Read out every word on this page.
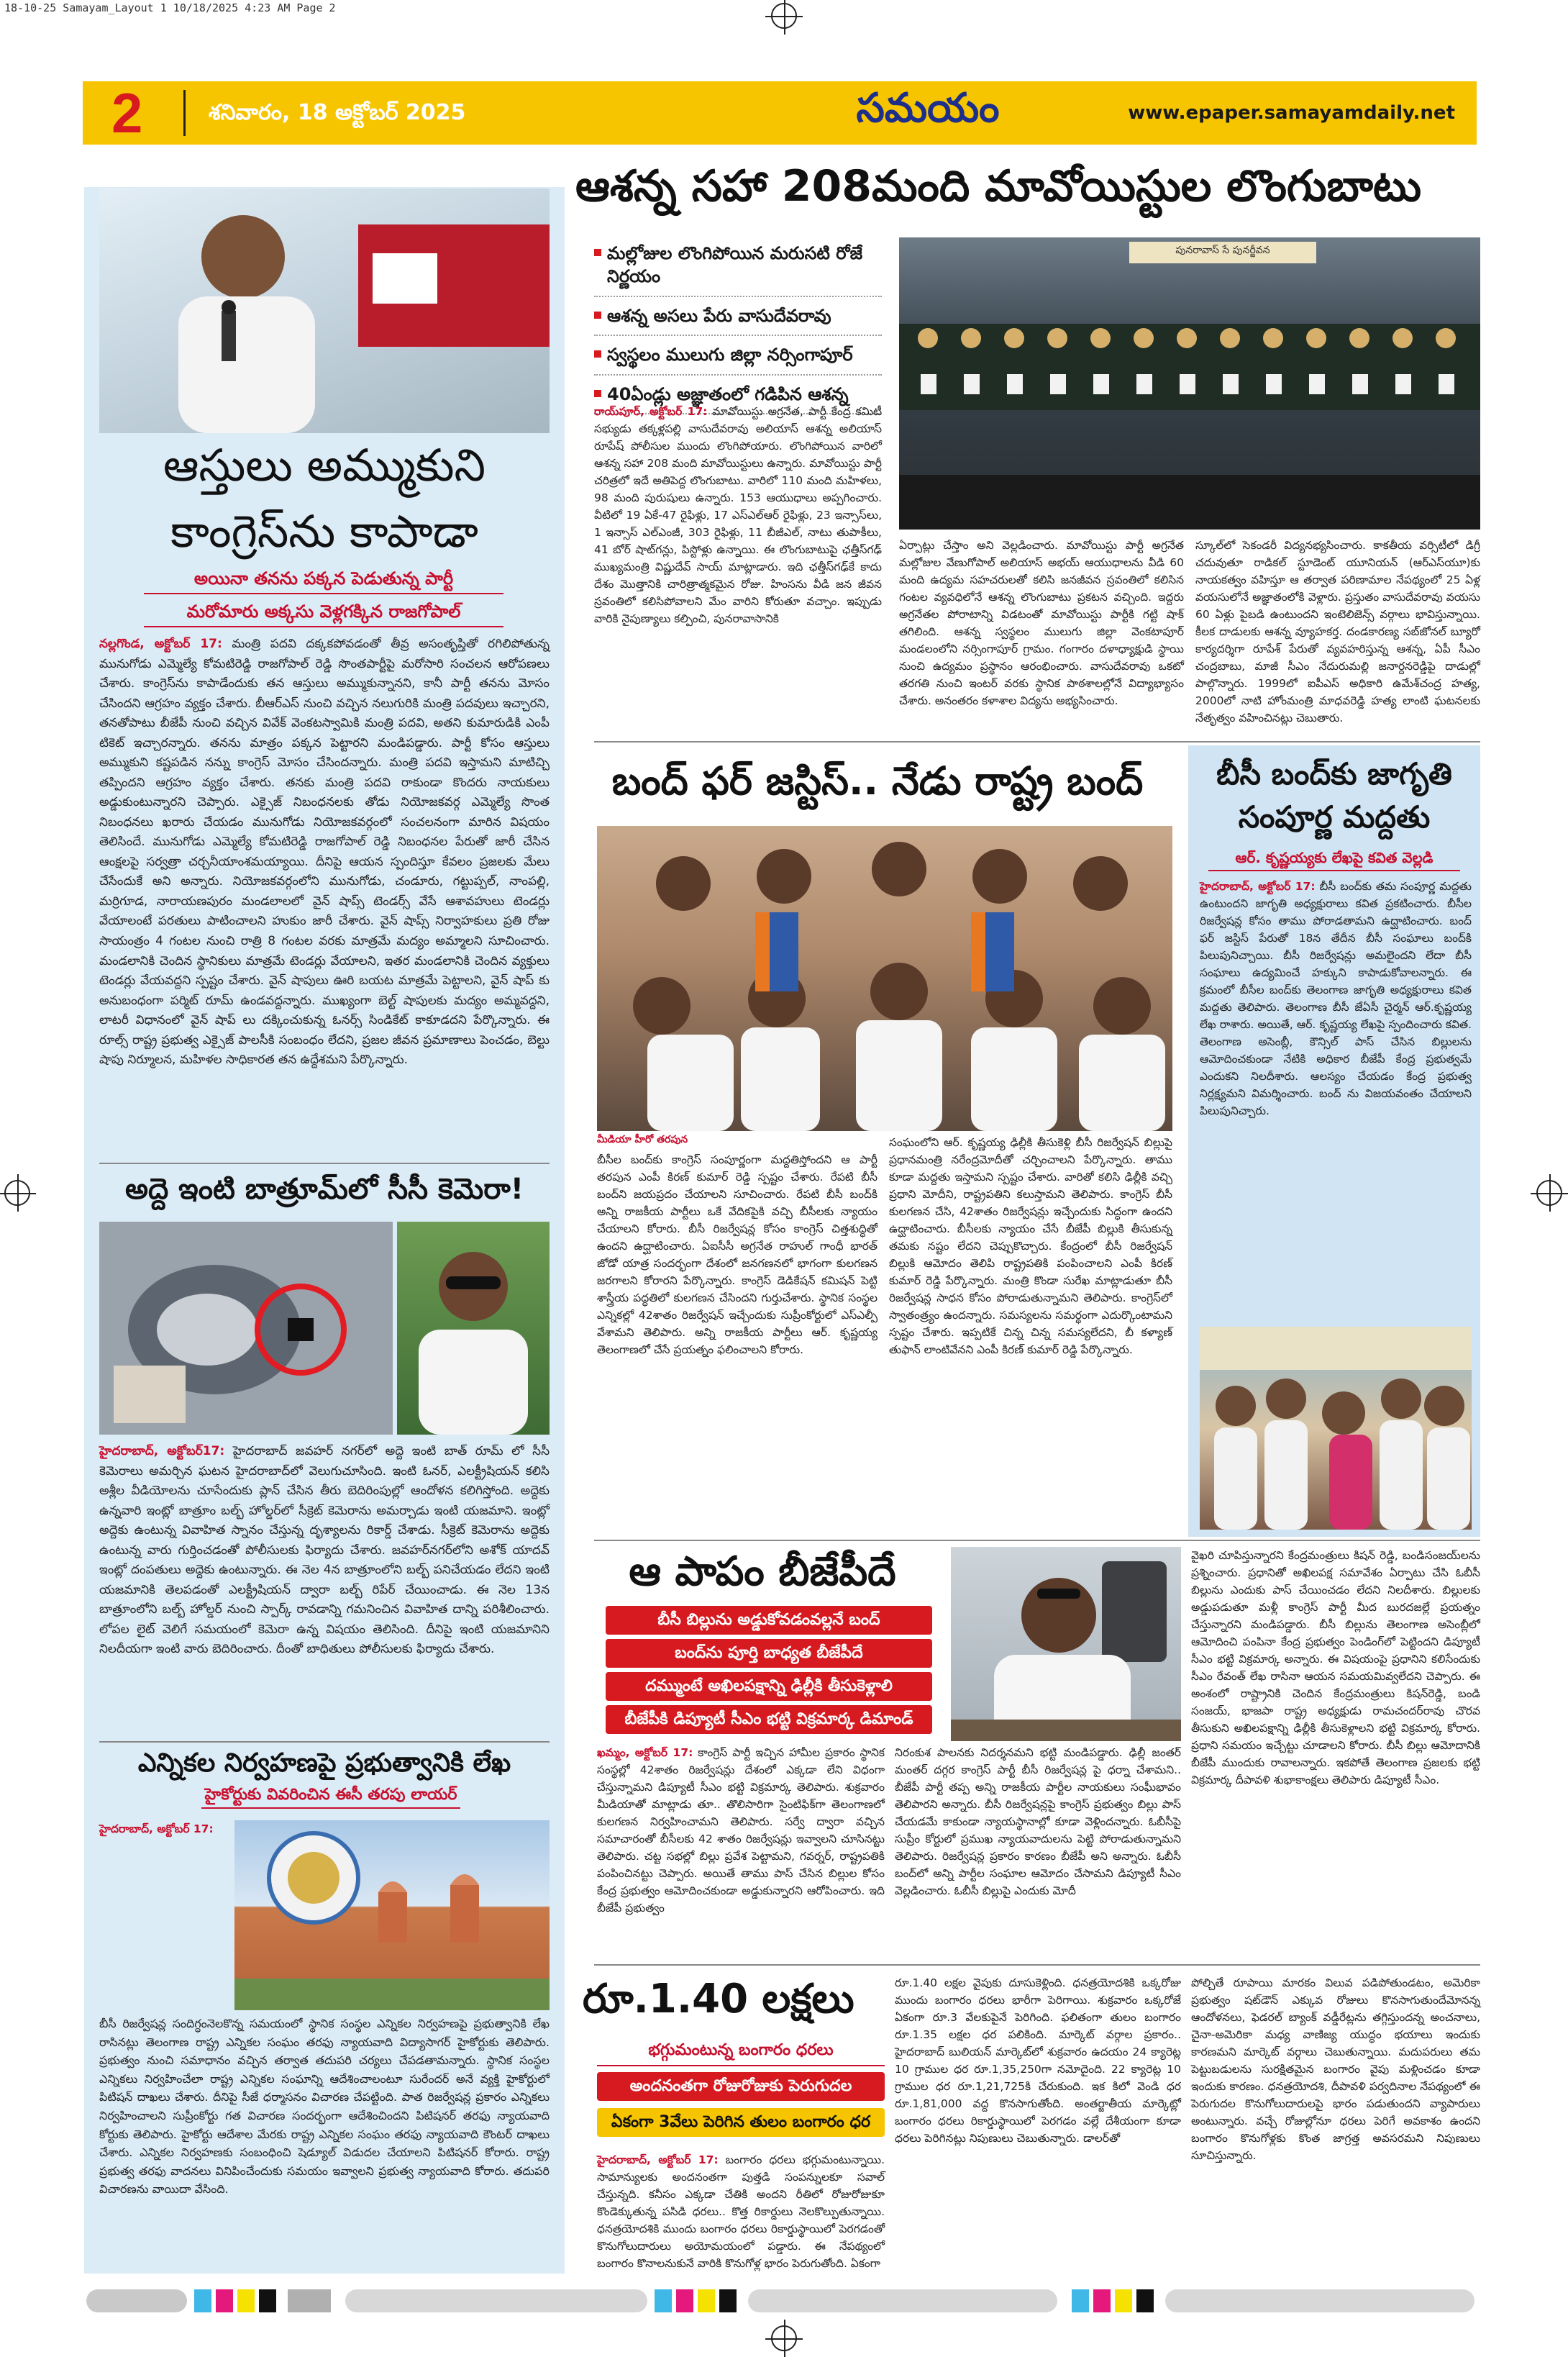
18-10-25 Samayam_Layout 1 10/18/2025 4:23 AM Page 2
2	శనివారం, 18 అక్టోబర్ 2025	సమయం	www.epaper.samayamdaily.net
ఆస్తులు అమ్ముకుని
కాంగ్రెస్‌ను కాపాడా
అయినా తనను పక్కన పెడుతున్న పార్టీ
మరోమారు అక్కసు వెళ్లగక్కిన రాజగోపాల్
నల్లగొండ, అక్టోబర్ 17: మంత్రి పదవి దక్కకపోవడంతో తీవ్ర అసంతృప్తితో రగిలిపోతున్న మునుగోడు ఎమ్మెల్యే కోమటిరెడ్డి రాజగోపాల్ రెడ్డి సొంతపార్టీపై మరోసారి సంచలన ఆరోపణలు చేశారు. కాంగ్రెస్‌ను కాపాడేందుకు తన ఆస్తులు అమ్ముకున్నానని, కానీ పార్టీ తనను మోసం చేసిందని ఆగ్రహం వ్యక్తం చేశారు. బీఆర్ఎస్ నుంచి వచ్చిన నలుగురికి మంత్రి పదవులు ఇచ్చారని, తనతోపాటు బీజేపీ నుంచి వచ్చిన వివేక్ వెంకటస్వామికి మంత్రి పదవి, అతని కుమారుడికి ఎంపీ టికెట్ ఇచ్చారన్నారు. తనను మాత్రం పక్కన పెట్టారని మండిపడ్డారు. పార్టీ కోసం ఆస్తులు అమ్ముకుని కష్టపడిన నన్ను కాంగ్రెస్ మోసం చేసిందన్నారు. మంత్రి పదవి ఇస్తామని మాటిచ్చి తప్పిందని ఆగ్రహం వ్యక్తం చేశారు. తనకు మంత్రి పదవి రాకుండా కొందరు నాయకులు అడ్డుకుంటున్నారని చెప్పారు. ఎక్సైజ్ నిబంధనలకు తోడు నియోజకవర్గ ఎమ్మెల్యే సొంత నిబంధనలు ఖరారు చేయడం మునుగోడు నియోజకవర్గంలో సంచలనంగా మారిన విషయం తెలిసిందే. మునుగోడు ఎమ్మెల్యే కోమటిరెడ్డి రాజగోపాల్ రెడ్డి నిబంధనల పేరుతో జారీ చేసిన ఆంక్షలపై సర్వత్రా చర్చనీయాంశమయ్యాయి. దీనిపై ఆయన స్పందిస్తూ కేవలం ప్రజలకు మేలు చేసేందుకే అని అన్నారు. నియోజకవర్గంలోని మునుగోడు, చండూరు, గట్టుప్పల్, నాంపల్లి, మర్రిగూడ, నారాయణపురం మండలాలలో వైన్ షాప్స్ టెండర్స్ వేసే ఆశావహులు టెండర్లు వేయాలంటే పరతులు పాటించాలని హుకుం జారీ చేశారు. వైన్ షాప్స్ నిర్వాహకులు ప్రతి రోజు సాయంత్రం 4 గంటల నుంచి రాత్రి 8 గంటల వరకు మాత్రమే మద్యం అమ్మాలని సూచించారు. మండలానికి చెందిన స్థానికులు మాత్రమే టెండర్లు వేయాలని, ఇతర మండలానికి చెందిన వ్యక్తులు టెండర్లు వేయవద్దని స్పష్టం చేశారు. వైన్ షాపులు ఊరి బయట మాత్రమే పెట్టాలని, వైన్ షాప్ కు అనుబంధంగా పర్మిట్ రూమ్ ఉండవద్దన్నారు. ముఖ్యంగా బెల్ట్ షాపులకు మద్యం అమ్మవద్దని, లాటరీ విధానంలో వైన్ షాప్ లు దక్కించుకున్న ఓనర్స్ సిండికేట్ కాకూడదని పేర్కొన్నారు. ఈ రూల్స్ రాష్ట్ర ప్రభుత్వ ఎక్సైజ్ పాలసీకి సంబంధం లేదని, ప్రజల జీవన ప్రమాణాలు పెంచడం, బెల్టు షాపు నిర్మూలన, మహిళల సాధికారత తన ఉద్దేశమని పేర్కొన్నారు.
అద్దె ఇంటి బాత్రూమ్‌లో సీసీ కెమెరా!
హైదరాబాద్, అక్టోబర్17: హైదరాబాద్ జవహర్ నగర్‌లో అద్దె ఇంటి బాత్ రూమ్ లో సీసీ కెమెరాలు అమర్చిన ఘటన హైదరాబాద్‌లో వెలుగుచూసింది. ఇంటి ఓనర్, ఎలక్ట్రీషియన్ కలిసి అశ్లీల వీడియోలను చూసేందుకు ప్లాన్ చేసిన తీరు బెదిరింపుల్లో ఆందోళన కలిగిస్తోంది. అద్దెకు ఉన్నవారి ఇంట్లో బాత్రూం బల్బ్ హోల్డర్‌లో సీక్రెట్ కెమెరాను అమర్చాడు ఇంటి యజమాని. ఇంట్లో అద్దెకు ఉంటున్న వివాహిత స్నానం చేస్తున్న దృశ్యాలను రికార్డ్ చేశాడు. సీక్రెట్ కెమెరాను అద్దెకు ఉంటున్న వారు గుర్తించడంతో పోలీసులకు ఫిర్యాదు చేశారు. జవహర్‌నగర్‌లోని అశోక్ యాదవ్ ఇంట్లో దంపతులు అద్దెకు ఉంటున్నారు. ఈ నెల 4న బాత్రూంలోని బల్బ్ పనిచేయడం లేదని ఇంటి యజమానికి తెలపడంతో ఎలక్ట్రీషియన్ ద్వారా బల్బ్ రిపేర్ చేయించాడు. ఈ నెల 13న బాత్రూంలోని బల్బ్ హోల్డర్ నుంచి స్పార్క్ రావడాన్ని గమనించిన వివాహిత దాన్ని పరిశీలించారు. లోపల లైట్ వెలిగే సమయంలో కెమెరా ఉన్న విషయం తెలిసింది. దీనిపై ఇంటి యజమానిని నిలదీయగా ఇంటి వారు బెదిరించారు. దీంతో బాధితులు పోలీసులకు ఫిర్యాదు చేశారు.
ఎన్నికల నిర్వహణపై ప్రభుత్వానికి లేఖ
హైకోర్టుకు వివరించిన ఈసీ తరపు లాయర్
హైదరాబాద్, అక్టోబర్ 17:
బీసీ రిజర్వేషన్ల సందిగ్ధంనెలకొన్న సమయంలో స్థానిక సంస్థల ఎన్నికల నిర్వహణపై ప్రభుత్వానికి లేఖ రాసినట్లు తెలంగాణ రాష్ట్ర ఎన్నికల సంఘం తరఫు న్యాయవాది విద్యాసాగర్ హైకోర్టుకు తెలిపారు. ప్రభుత్వం నుంచి సమాధానం వచ్చిన తర్వాత తదుపరి చర్యలు చేపడతామన్నారు. స్థానిక సంస్థల ఎన్నికలు నిర్వహించేలా రాష్ట్ర ఎన్నికల సంఘాన్ని ఆదేశించాలంటూ సురేందర్ అనే వ్యక్తి హైకోర్టులో పిటిషన్ దాఖలు చేశారు. దీనిపై సీజే ధర్మాసనం విచారణ చేపట్టింది. పాత రిజర్వేషన్ల ప్రకారం ఎన్నికలు నిర్వహించాలని సుప్రీంకోర్టు గత విచారణ సందర్భంగా ఆదేశించిందని పిటిషనర్ తరఫు న్యాయవాది కోర్టుకు తెలిపారు. హైకోర్టు ఆదేశాల మేరకు రాష్ట్ర ఎన్నికల సంఘం తరఫు న్యాయవాది కౌంటర్ దాఖలు చేశారు. ఎన్నికల నిర్వహణకు సంబంధించి షెడ్యూల్ విడుదల చేయాలని పిటిషనర్ కోరారు. రాష్ట్ర ప్రభుత్వ తరఫు వాదనలు వినిపించేందుకు సమయం ఇవ్వాలని ప్రభుత్వ న్యాయవాది కోరారు. తదుపరి విచారణను వాయిదా వేసింది.
ఆశన్న సహా 208మంది మావోయిస్టుల లొంగుబాటు
మల్లోజుల లొంగిపోయిన మరుసటి రోజే నిర్ణయం
ఆశన్న అసలు పేరు వాసుదేవరావు
స్వస్థలం ములుగు జిల్లా నర్సింగాపూర్
40ఏండ్లు అజ్ఞాతంలో గడిపిన ఆశన్న
పునరావాస్ సే పునర్జీవన
రాయ్‌పూర్, అక్టోబర్ 17: మావోయిస్టు అగ్రనేత, పార్టీ కేంద్ర కమిటీ సభ్యుడు తక్కళ్లపల్లి వాసుదేవరావు అలియాస్ ఆశన్న అలియాస్ రూపేష్ పోలీసుల ముందు లొంగిపోయారు. లొంగిపోయిన వారిలో ఆశన్న సహా 208 మంది మావోయిస్టులు ఉన్నారు. మావోయిస్టు పార్టీ చరిత్రలో ఇదే అతిపెద్ద లొంగుబాటు. వారిలో 110 మంది మహిళలు, 98 మంది పురుషులు ఉన్నారు. 153 ఆయుధాలు అప్పగించారు. వీటిలో 19 ఏకే-47 రైఫిళ్లు, 17 ఎస్ఎల్ఆర్ రైఫిళ్లు, 23 ఇన్సాస్‌లు, 1 ఇన్సాస్ ఎల్ఎంజీ, 303 రైఫిళ్లు, 11 బీజీఎల్, నాటు తుపాకీలు, 41 బోర్ షాట్‌గన్లు, పిస్టోళ్లు ఉన్నాయి. ఈ లొంగుబాటుపై ఛత్తీస్‌గఢ్ ముఖ్యమంత్రి విష్ణుదేవ్ సాయ్ మాట్లాడారు. ఇది ఛత్తీస్‌గఢ్‌కే కాదు దేశం మొత్తానికి చారిత్రాత్మకమైన రోజు. హింసను వీడి జన జీవన స్రవంతిలో కలిసిపోవాలని మేం వారిని కోరుతూ వచ్చాం. ఇప్పుడు వారికి నైపుణ్యాలు కల్పించి, పునరావాసానికి
ఏర్పాట్లు చేస్తాం అని వెల్లడించారు. మావోయిస్టు పార్టీ అగ్రనేత మల్లోజుల వేణుగోపాల్ అలియాస్ అభయ్ ఆయుధాలను వీడి 60 మంది ఉద్యమ సహచరులతో కలిసి జనజీవన స్రవంతిలో కలిసిన గంటల వ్యవధిలోనే ఆశన్న లొంగుబాటు ప్రకటన వచ్చింది. ఇద్దరు అగ్రనేతల పోరాటాన్ని విడటంతో మావోయిస్టు పార్టీకి గట్టి షాక్ తగిలింది. ఆశన్న స్వస్థలం ములుగు జిల్లా వెంకటాపూర్ మండలంలోని నర్సింగాపూర్ గ్రామం. గంగారం దళాధ్యాక్షుడి స్థాయి నుంచి ఉద్యమం ప్రస్థానం ఆరంభించారు. వాసుదేవరావు ఒకటో తరగతి నుంచి ఇంటర్ వరకు స్థానిక పాఠశాలల్లోనే విద్యాభ్యాసం చేశారు. అనంతరం కళాశాల విద్యను అభ్యసించారు.
స్కూల్‌లో సెకండరీ విద్యనభ్యసించారు. కాకతీయ వర్సిటీలో డిగ్రీ చదువుతూ రాడికల్ స్టూడెంట్ యూనియన్ (ఆర్ఎస్‌యూ)కు నాయకత్వం వహిస్తూ ఆ తర్వాత పరిణామాల నేపథ్యంలో 25 ఏళ్ల వయసులోనే అజ్ఞాతంలోకి వెళ్లారు. ప్రస్తుతం వాసుదేవరావు వయసు 60 ఏళ్లు పైబడి ఉంటుందని ఇంటెలిజెన్స్ వర్గాలు భావిస్తున్నాయి. కీలక దాడులకు ఆశన్న వ్యూహకర్త. దండకారణ్య సబ్‌జోనల్ బ్యూరో కార్యదర్శిగా రూపేశ్ పేరుతో వ్యవహరిస్తున్న ఆశన్న, ఏపీ సీఎం చంద్రబాబు, మాజీ సీఎం నేదురుమల్లి జనార్దనరెడ్డిపై దాడుల్లో పాల్గొన్నారు. 1999లో ఐపీఎస్ అధికారి ఉమేశ్‌చంద్ర హత్య, 2000లో నాటి హోంమంత్రి మాధవరెడ్డి హత్య లాంటి ఘటనలకు నేతృత్వం వహించినట్లు చెబుతారు.
బంద్ ఫర్ జస్టిస్.. నేడు రాష్ట్ర బంద్
మీడియా హీరో తరపున
బీసీల బంద్‌కు కాంగ్రెస్ సంపూర్ణంగా మద్దతిస్తోందని ఆ పార్టీ తరపున ఎంపీ కిరణ్ కుమార్ రెడ్డి స్పష్టం చేశారు. రేపటి బీసీ బంద్‌ని జయప్రదం చేయాలని సూచించారు. రేపటి బీసీ బంద్‌కి అన్ని రాజకీయ పార్టీలు ఒకే వేదికపైకి వచ్చి బీసీలకు న్యాయం చేయాలని కోరారు. బీసీ రిజర్వేషన్ల కోసం కాంగ్రెస్ చిత్తశుద్ధితో ఉందని ఉద్ఘాటించారు. ఏఐసీసీ అగ్రనేత రాహుల్ గాంధీ భారత్ జోడో యాత్ర సందర్భంగా దేశంలో జనగణనలో భాగంగా కులగణన జరగాలని కోరారని పేర్కొన్నారు. కాంగ్రెస్ డెడికేషన్ కమిషన్ పెట్టి శాస్త్రీయ పద్ధతిలో కులగణన చేసిందని గుర్తుచేశారు. స్థానిక సంస్థల ఎన్నికల్లో 42శాతం రిజర్వేషన్ ఇచ్చేందుకు సుప్రీంకోర్టులో ఎస్ఎల్పీ వేశామని తెలిపారు. అన్ని రాజకీయ పార్టీలు ఆర్. కృష్ణయ్య తెలంగాణలో చేసే ప్రయత్నం ఫలించాలని కోరారు.
సంఘంలోని ఆర్. కృష్ణయ్య ఢిల్లీకి తీసుకెళ్లి బీసీ రిజర్వేషన్ బిల్లుపై ప్రధానమంత్రి నరేంద్రమోదీతో చర్చించాలని పేర్కొన్నారు. తాము కూడా మద్దతు ఇస్తామని స్పష్టం చేశారు. వారితో కలిసి ఢిల్లీకి వచ్చి ప్రధాని మోదీని, రాష్ట్రపతిని కలుస్తామని తెలిపారు. కాంగ్రెస్ బీసీ కులగణన చేసి, 42శాతం రిజర్వేషన్లు ఇచ్చేందుకు సిద్ధంగా ఉందని ఉద్ఘాటించారు. బీసీలకు న్యాయం చేసే బీజేపీ బిల్లుకి తీసుకున్న తమకు నష్టం లేదని చెప్పుకొచ్చారు. కేంద్రంలో బీసీ రిజర్వేషన్ బిల్లుకి ఆమోదం తెలిపి రాష్ట్రపతికి పంపించాలని ఎంపీ కిరణ్ కుమార్ రెడ్డి పేర్కొన్నారు. మంత్రి కొండా సురేఖ మాట్లాడుతూ బీసీ రిజర్వేషన్ల సాధన కోసం పోరాడుతున్నామని తెలిపారు. కాంగ్రెస్‌లో స్వాతంత్ర్యం ఉందన్నారు. సమస్యలను సమర్థంగా ఎదుర్కొంటామని స్పష్టం చేశారు. ఇప్పటికే చిన్న చిన్న సమస్యలేదని, బీ కళ్యాణ్ తుఫాన్ లాంటివేనని ఎంపీ కిరణ్ కుమార్ రెడ్డి పేర్కొన్నారు.
బీసీ బంద్‌కు జాగృతి
సంపూర్ణ మద్దతు
ఆర్. కృష్ణయ్యకు లేఖపై కవిత వెల్లడి
హైదరాబాద్, అక్టోబర్ 17: బీసీ బంద్‌కు తమ సంపూర్ణ మద్దతు ఉంటుందని జాగృతి అధ్యక్షురాలు కవిత ప్రకటించారు. బీసీల రిజర్వేషన్ల కోసం తాము పోరాడతామని ఉద్ఘాటించారు. బంద్ ఫర్ జస్టిస్ పేరుతో 18న తేదీన బీసీ సంఘాలు బంద్‌కి పిలుపునిచ్చాయి. బీసీ రిజర్వేషన్లు అమలైందని లేదా బీసీ సంఘాలు ఉద్యమించే హక్కుని కాపాడుకోవాలన్నారు. ఈ క్రమంలో బీసీల బంద్‌కు తెలంగాణ జాగృతి అధ్యక్షురాలు కవిత మద్దతు తెలిపారు. తెలంగాణ బీసీ జేఏసీ చైర్మన్ ఆర్.కృష్ణయ్య లేఖ రాశారు. అయితే, ఆర్. కృష్ణయ్య లేఖపై స్పందించారు కవిత. తెలంగాణ అసెంబ్లీ, కౌన్సిల్ పాస్ చేసిన బిల్లులను ఆమోదించకుండా నేటికి అధికార బీజేపీ కేంద్ర ప్రభుత్వమే ఎందుకని నిలదీశారు. ఆలస్యం చేయడం కేంద్ర ప్రభుత్వ నిర్లక్ష్యమని విమర్శించారు. బంద్ ను విజయవంతం చేయాలని పిలుపునిచ్చారు.
ఆ పాపం బీజేపీదే
బీసీ బిల్లును అడ్డుకోవడంవల్లనే బంద్
బంద్‌ను పూర్తి బాధ్యత బీజేపీదే
దమ్ముంటే అఖిలపక్షాన్ని ఢిల్లీకి తీసుకెళ్లాలి
బీజేపీకి డిప్యూటీ సీఎం భట్టి విక్రమార్క డిమాండ్
ఖమ్మం, అక్టోబర్ 17: కాంగ్రెస్ పార్టీ ఇచ్చిన హామీల ప్రకారం స్థానిక సంస్థల్లో 42శాతం రిజర్వేషన్లు దేశంలో ఎక్కడా లేని విధంగా చేస్తున్నామని డిప్యూటీ సీఎం భట్టి విక్రమార్క తెలిపారు. శుక్రవారం మీడియాతో మాట్లాడు తూ.. తొలిసారిగా సైంటిఫిక్‌గా తెలంగాణలో కులగణన నిర్వహించామని తెలిపారు. సర్వే ద్వారా వచ్చిన సమాచారంతో బీసీలకు 42 శాతం రిజర్వేషన్లు ఇవ్వాలని చూసినట్టు తెలిపారు. చట్ట సభల్లో బిల్లు ప్రవేశ పెట్టామని, గవర్నర్, రాష్ట్రపతికి పంపించినట్టు చెప్పారు. అయితే తాము పాస్ చేసిన బిల్లుల కోసం కేంద్ర ప్రభుత్వం ఆమోదించకుండా అడ్డుకున్నారని ఆరోపించారు. ఇది బీజేపీ ప్రభుత్వం
నిరంకుశ పాలనకు నిదర్శనమని భట్టి మండిపడ్డారు. ఢిల్లీ జంతర్ మంతర్ దగ్గర కాంగ్రెస్ పార్టీ బీసీ రిజర్వేషన్ల పై ధర్నా చేశామని.. బీజేపీ పార్టీ తప్ప అన్ని రాజకీయ పార్టీల నాయకులు సంఘీభావం తెలిపారని అన్నారు. బీసీ రిజర్వేషన్లపై కాంగ్రెస్ ప్రభుత్వం బిల్లు పాస్ చేయడమే కాకుండా న్యాయస్థానాల్లో కూడా వెళ్లిందన్నారు. ఓబీసీపై సుప్రీం కోర్టులో ప్రముఖ న్యాయవాదులను పెట్టి పోరాడుతున్నామని తెలిపారు. రిజర్వేషన్ల ప్రకారం కారణం బీజేపీ అని అన్నారు. ఓబీసీ బంద్‌లో అన్ని పార్టీల సంఘాల ఆమోదం చేసామని డిప్యూటీ సీఎం వెల్లడించారు. ఓబీసీ బిల్లుపై ఎందుకు మోదీ
వైఖరి చూపిస్తున్నారని కేంద్రమంత్రులు కిషన్ రెడ్డి, బండిసంజయ్‌లను ప్రశ్నించారు. ప్రధానితో అఖిలపక్ష సమావేశం ఏర్పాటు చేసి ఓబీసీ బిల్లును ఎందుకు పాస్ చేయించడం లేదని నిలదీశారు. బిల్లులకు అడ్డుపడుతూ మళ్లీ కాంగ్రెస్ పార్టీ మీద బురదజల్లే ప్రయత్నం చేస్తున్నారని మండిపడ్డారు. బీసీ బిల్లును తెలంగాణ అసెంబ్లీలో ఆమోదించి పంపినా కేంద్ర ప్రభుత్వం పెండింగ్‌లో పెట్టిందని డిప్యూటీ సీఎం భట్టి విక్రమార్క అన్నారు. ఈ విషయంపై ప్రధానిని కలిసేందుకు సీఎం రేవంత్ లేఖ రాసినా ఆయన సమయమివ్వలేదని చెప్పారు. ఈ అంశంలో రాష్ట్రానికి చెందిన కేంద్రమంత్రులు కిషన్‌రెడ్డి, బండి సంజయ్, భాజపా రాష్ట్ర అధ్యక్షుడు రామచందర్‌రావు చొరవ తీసుకుని అఖిలపక్షాన్ని ఢిల్లీకి తీసుకెళ్లాలని భట్టి విక్రమార్క కోరారు. ప్రధాని సమయం ఇచ్చేట్టు చూడాలని కోరారు. బీసీ బిల్లు ఆమోదానికి బీజేపీ ముందుకు రావాలన్నారు. ఇకపోతే తెలంగాణ ప్రజలకు భట్టి విక్రమార్క దీపావళి శుభాకాంక్షలు తెలిపారు డిప్యూటీ సీఎం.
రూ.1.40 లక్షలు
భగ్గుమంటున్న బంగారం ధరలు
అందనంతగా రోజురోజుకు పెరుగుదల
ఏకంగా 3వేలు పెరిగిన తులం బంగారం ధర
హైదరాబాద్, అక్టోబర్ 17: బంగారం ధరలు భగ్గుమంటున్నాయి. సామాన్యులకు అందనంతగా పుత్తడి సంపన్నులకూ సవాల్ చేస్తున్నది. కనీసం ఎక్కడా చేతికి అందని రీతిలో రోజురోజుకూ కొండెక్కుతున్న పసిడి ధరలు.. కొత్త రికార్డులు నెలకొల్పుతున్నాయి. ధనత్రయోదశికి ముందు బంగారం ధరలు రికార్డుస్థాయిలో పెరగడంతో కొనుగోలుదారులు అయోమయంలో పడ్డారు. ఈ నేపథ్యంలో బంగారం కొనాలనుకునే వారికి కొనుగోళ్ల భారం పెరుగుతోంది. ఏకంగా
రూ.1.40 లక్షల వైపుకు దూసుకెళ్లింది. ధనత్రయోదశికి ఒక్కరోజు ముందు బంగారం ధరలు భారీగా పెరిగాయి. శుక్రవారం ఒక్కరోజే ఏకంగా రూ.3 వేలకుపైనే పెరిగింది. ఫలితంగా తులం బంగారం రూ.1.35 లక్షల ధర పలికింది. మార్కెట్ వర్గాల ప్రకారం.. హైదరాబాద్ బులియన్ మార్కెట్‌లో శుక్రవారం ఉదయం 24 క్యారెట్ల 10 గ్రాముల ధర రూ.1,35,250గా నమోదైంది. 22 క్యారెట్ల 10 గ్రాముల ధర రూ.1,21,725కి చేరుకుంది. ఇక కిలో వెండి ధర రూ.1,81,000 వద్ద కొనసాగుతోంది. అంతర్జాతీయ మార్కెట్లో బంగారం ధరలు రికార్డుస్థాయిలో పెరగడం వల్లే దేశీయంగా కూడా ధరలు పెరిగినట్లు నిపుణులు చెబుతున్నారు. డాలర్‌తో
పోల్చితే రూపాయి మారకం విలువ పడిపోతుండటం, అమెరికా ప్రభుత్వం షట్‌డౌన్ ఎక్కువ రోజులు కొనసాగుతుందేమోనన్న ఆందోళనలు, ఫెడరల్ బ్యాంక్ వడ్డీరేట్లను తగ్గిస్తుందన్న అంచనాలు, చైనా-అమెరికా మధ్య వాణిజ్య యుద్ధం భయాలు ఇందుకు కారణమని మార్కెట్ వర్గాలు చెబుతున్నాయి. మదుపరులు తమ పెట్టుబడులను సురక్షితమైన బంగారం వైపు మళ్లించడం కూడా ఇందుకు కారణం. ధనత్రయోదశి, దీపావళి పర్వదినాల నేపథ్యంలో ఈ పెరుగుదల కొనుగోలుదారులపై భారం పడుతుందని వ్యాపారులు అంటున్నారు. వచ్చే రోజుల్లోనూ ధరలు పెరిగే అవకాశం ఉందని బంగారం కొనుగోళ్లకు కొంత జాగ్రత్త అవసరమని నిపుణులు సూచిస్తున్నారు.
